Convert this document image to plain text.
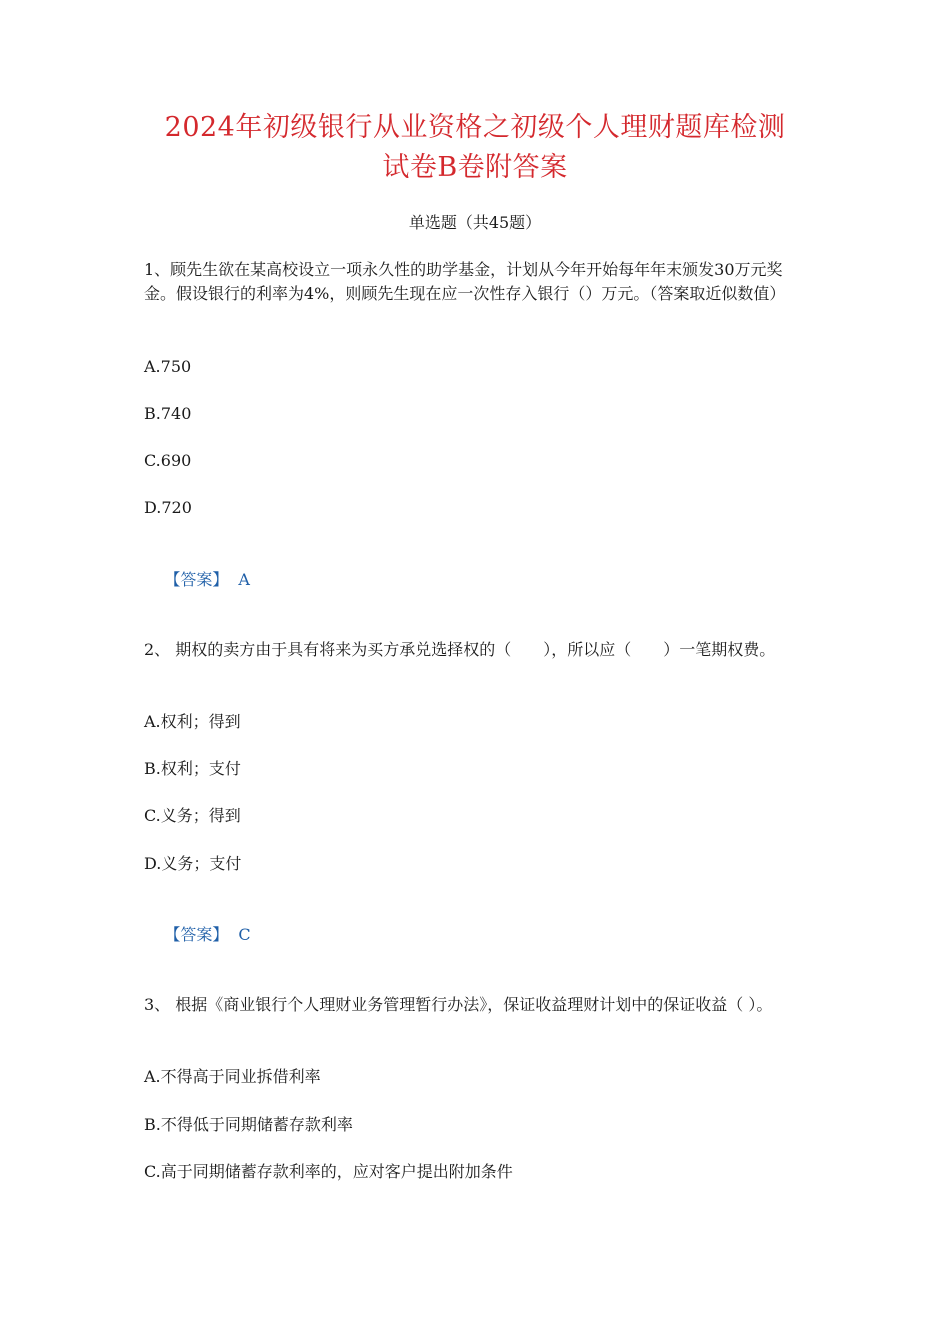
2024年初级银行从业资格之初级个人理财题库检测
试卷B卷附答案
单选题（共45题）

1、顾先生欲在某高校设立一项永久性的助学基金，计划从今年开始每年年末颁发30万元奖金。假设银行的利率为4%，则顾先生现在应一次性存入银行（）万元。（答案取近似数值）

A.750
B.740
C.690
D.720

【答案】 A

2、 期权的卖方由于具有将来为买方承兑选择权的（　　），所以应（　　）一笔期权费。

A.权利；得到
B.权利；支付
C.义务；得到
D.义务；支付

【答案】 C

3、 根据《商业银行个人理财业务管理暂行办法》，保证收益理财计划中的保证收益（ ）。

A.不得高于同业拆借利率
B.不得低于同期储蓄存款利率
C.高于同期储蓄存款利率的，应对客户提出附加条件
